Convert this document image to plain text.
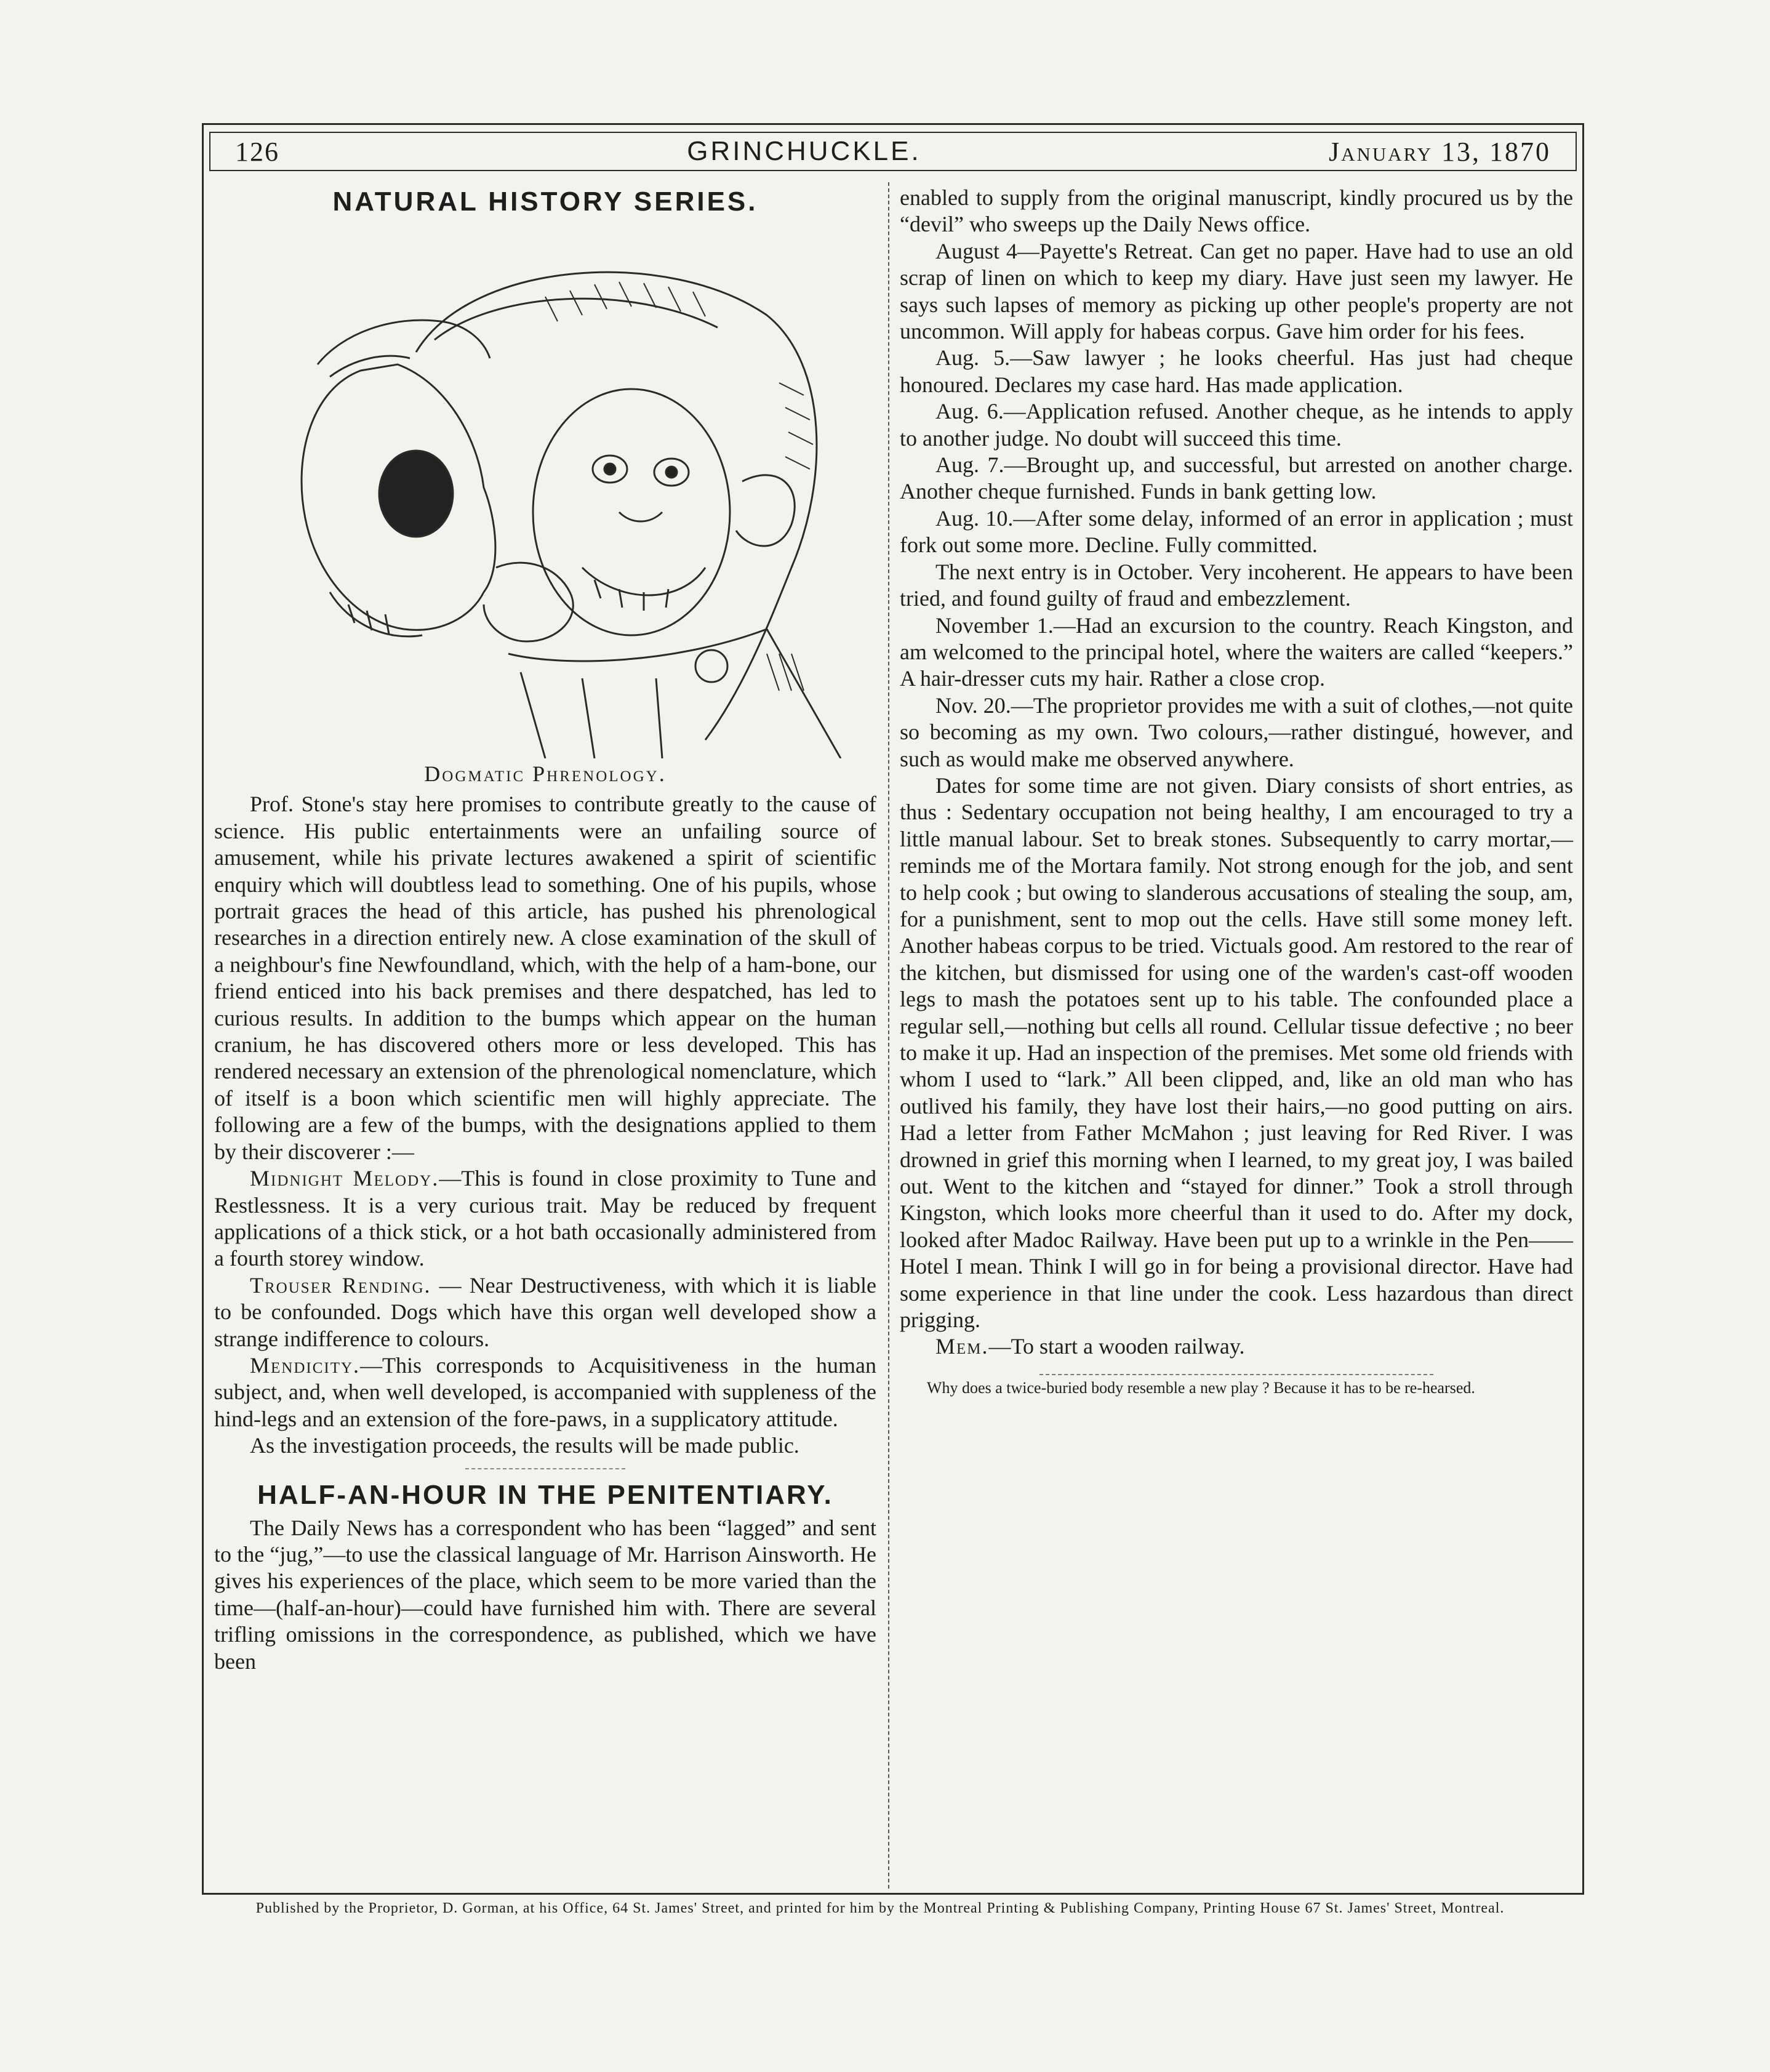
126	GRINCHUCKLE.	January 13, 1870
NATURAL HISTORY SERIES.
Dogmatic Phrenology.

Prof. Stone's stay here promises to contribute greatly to the cause of science. His public entertainments were an unfailing source of amusement, while his private lectures awakened a spirit of scientific enquiry which will doubtless lead to something. One of his pupils, whose portrait graces the head of this article, has pushed his phrenological researches in a direction entirely new. A close examination of the skull of a neighbour's fine Newfoundland, which, with the help of a ham-bone, our friend enticed into his back premises and there despatched, has led to curious results. In addition to the bumps which appear on the human cranium, he has discovered others more or less developed. This has rendered necessary an extension of the phrenological nomenclature, which of itself is a boon which scientific men will highly appreciate. The following are a few of the bumps, with the designations applied to them by their discoverer :—

Midnight Melody.—This is found in close proximity to Tune and Restlessness. It is a very curious trait. May be reduced by frequent applications of a thick stick, or a hot bath occasionally administered from a fourth storey window.

Trouser Rending. — Near Destructiveness, with which it is liable to be confounded. Dogs which have this organ well developed show a strange indifference to colours.

Mendicity.—This corresponds to Acquisitiveness in the human subject, and, when well developed, is accompanied with suppleness of the hind-legs and an extension of the fore-paws, in a supplicatory attitude.

As the investigation proceeds, the results will be made public.

HALF-AN-HOUR IN THE PENITENTIARY.

The Daily News has a correspondent who has been “lagged” and sent to the “jug,”—to use the classical language of Mr. Harrison Ainsworth. He gives his experiences of the place, which seem to be more varied than the time—(half-an-hour)—could have furnished him with. There are several trifling omissions in the correspondence, as published, which we have been

enabled to supply from the original manuscript, kindly procured us by the “devil” who sweeps up the Daily News office.

August 4—Payette's Retreat. Can get no paper. Have had to use an old scrap of linen on which to keep my diary. Have just seen my lawyer. He says such lapses of memory as picking up other people's property are not uncommon. Will apply for habeas corpus. Gave him order for his fees.

Aug. 5.—Saw lawyer ; he looks cheerful. Has just had cheque honoured. Declares my case hard. Has made application.

Aug. 6.—Application refused. Another cheque, as he intends to apply to another judge. No doubt will succeed this time.

Aug. 7.—Brought up, and successful, but arrested on another charge. Another cheque furnished. Funds in bank getting low.

Aug. 10.—After some delay, informed of an error in application ; must fork out some more. Decline. Fully committed.

The next entry is in October. Very incoherent. He appears to have been tried, and found guilty of fraud and embezzlement.

November 1.—Had an excursion to the country. Reach Kingston, and am welcomed to the principal hotel, where the waiters are called “keepers.” A hair-dresser cuts my hair. Rather a close crop.

Nov. 20.—The proprietor provides me with a suit of clothes,—not quite so becoming as my own. Two colours,—rather distingué, however, and such as would make me observed anywhere.

Dates for some time are not given. Diary consists of short entries, as thus : Sedentary occupation not being healthy, I am encouraged to try a little manual labour. Set to break stones. Subsequently to carry mortar,—reminds me of the Mortara family. Not strong enough for the job, and sent to help cook ; but owing to slanderous accusations of stealing the soup, am, for a punishment, sent to mop out the cells. Have still some money left. Another habeas corpus to be tried. Victuals good. Am restored to the rear of the kitchen, but dismissed for using one of the warden's cast-off wooden legs to mash the potatoes sent up to his table. The confounded place a regular sell,—nothing but cells all round. Cellular tissue defective ; no beer to make it up. Had an inspection of the premises. Met some old friends with whom I used to “lark.” All been clipped, and, like an old man who has outlived his family, they have lost their hairs,—no good putting on airs. Had a letter from Father McMahon ; just leaving for Red River. I was drowned in grief this morning when I learned, to my great joy, I was bailed out. Went to the kitchen and “stayed for dinner.” Took a stroll through Kingston, which looks more cheerful than it used to do. After my dock, looked after Madoc Railway. Have been put up to a wrinkle in the Pen—— Hotel I mean. Think I will go in for being a provisional director. Have had some experience in that line under the cook. Less hazardous than direct prigging.

Mem.—To start a wooden railway.

Why does a twice-buried body resemble a new play ? Because it has to be re-hearsed.

Published by the Proprietor, D. Gorman, at his Office, 64 St. James' Street, and printed for him by the Montreal Printing & Publishing Company, Printing House 67 St. James' Street, Montreal.
